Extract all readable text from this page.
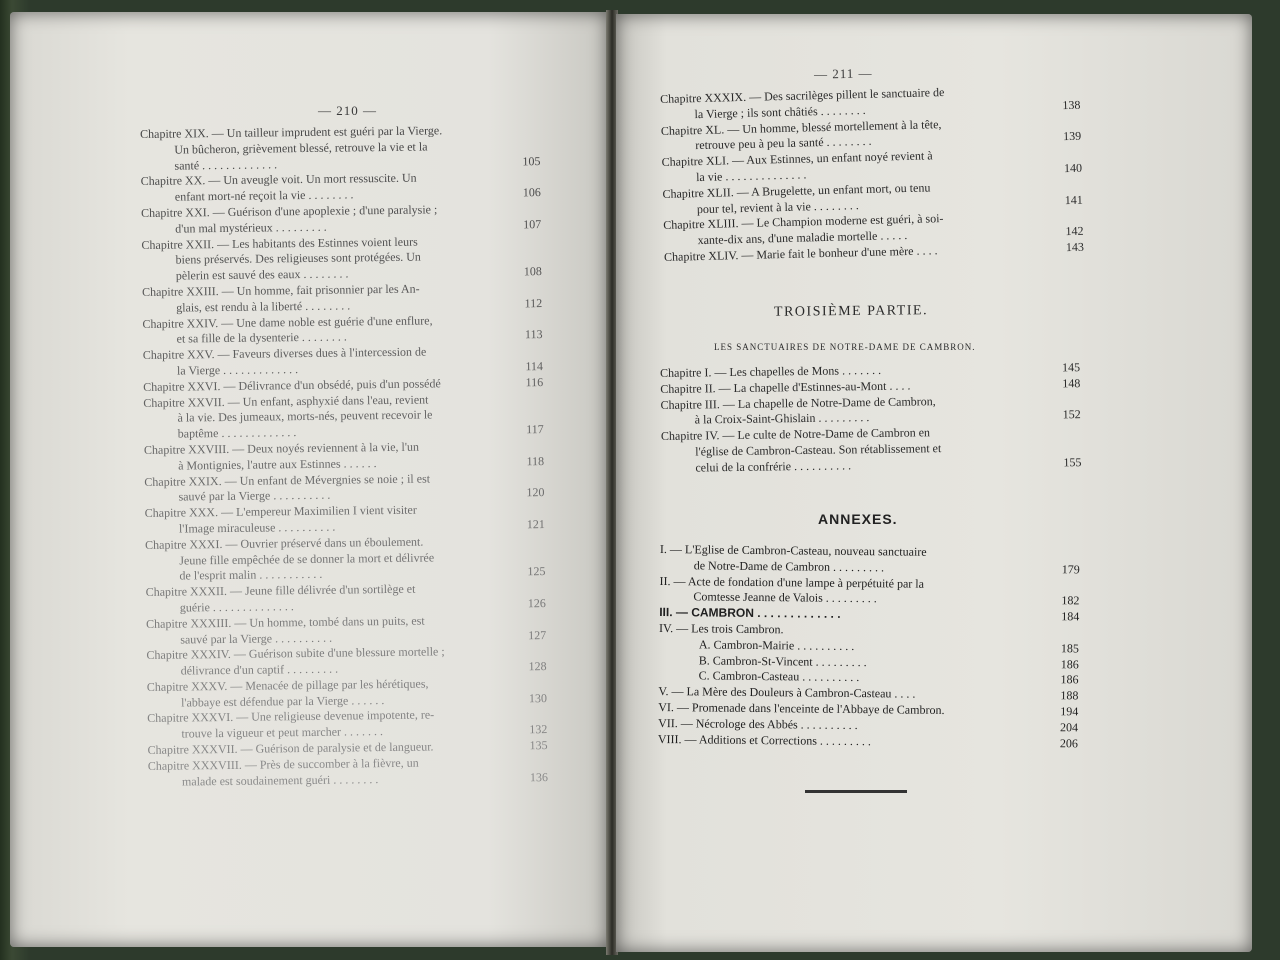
— 210 —
— 211 —
Chapitre XIX. — Un tailleur imprudent est guéri par la Vierge.
Un bûcheron, grièvement blessé, retrouve la vie et la
santé . . . . . . . . . . . . .	105
Chapitre XX. — Un aveugle voit. Un mort ressuscite. Un
enfant mort-né reçoit la vie . . . . . . . .	106
Chapitre XXI. — Guérison d'une apoplexie ; d'une paralysie ;
d'un mal mystérieux . . . . . . . . .	107
Chapitre XXII. — Les habitants des Estinnes voient leurs
biens préservés. Des religieuses sont protégées. Un
pèlerin est sauvé des eaux . . . . . . . .	108
Chapitre XXIII. — Un homme, fait prisonnier par les An-
glais, est rendu à la liberté . . . . . . . .	112
Chapitre XXIV. — Une dame noble est guérie d'une enflure,
et sa fille de la dysenterie . . . . . . . .	113
Chapitre XXV. — Faveurs diverses dues à l'intercession de
la Vierge . . . . . . . . . . . . .	114
Chapitre XXVI. — Délivrance d'un obsédé, puis d'un possédé	116
Chapitre XXVII. — Un enfant, asphyxié dans l'eau, revient
à la vie. Des jumeaux, morts-nés, peuvent recevoir le
baptême . . . . . . . . . . . . .	117
Chapitre XXVIII. — Deux noyés reviennent à la vie, l'un
à Montignies, l'autre aux Estinnes . . . . . .	118
Chapitre XXIX. — Un enfant de Mévergnies se noie ; il est
sauvé par la Vierge . . . . . . . . . .	120
Chapitre XXX. — L'empereur Maximilien I vient visiter
l'Image miraculeuse . . . . . . . . . .	121
Chapitre XXXI. — Ouvrier préservé dans un éboulement.
Jeune fille empêchée de se donner la mort et délivrée
de l'esprit malin . . . . . . . . . . .	125
Chapitre XXXII. — Jeune fille délivrée d'un sortilège et
guérie . . . . . . . . . . . . . .	126
Chapitre XXXIII. — Un homme, tombé dans un puits, est
sauvé par la Vierge . . . . . . . . . .	127
Chapitre XXXIV. — Guérison subite d'une blessure mortelle ;
délivrance d'un captif . . . . . . . . .	128
Chapitre XXXV. — Menacée de pillage par les hérétiques,
l'abbaye est défendue par la Vierge . . . . . .	130
Chapitre XXXVI. — Une religieuse devenue impotente, re-
trouve la vigueur et peut marcher . . . . . . .	132
Chapitre XXXVII. — Guérison de paralysie et de langueur.	135
Chapitre XXXVIII. — Près de succomber à la fièvre, un
malade est soudainement guéri . . . . . . . .	136
Chapitre XXXIX. — Des sacrilèges pillent le sanctuaire de
la Vierge ; ils sont châtiés . . . . . . . .	138
Chapitre XL. — Un homme, blessé mortellement à la tête,
retrouve peu à peu la santé . . . . . . . .	139
Chapitre XLI. — Aux Estinnes, un enfant noyé revient à
la vie . . . . . . . . . . . . . .	140
Chapitre XLII. — A Brugelette, un enfant mort, ou tenu
pour tel, revient à la vie . . . . . . . .	141
Chapitre XLIII. — Le Champion moderne est guéri, à soi-
xante-dix ans, d'une maladie mortelle . . . . .	142
Chapitre XLIV. — Marie fait le bonheur d'une mère . . . .	143
TROISIÈME PARTIE.
LES SANCTUAIRES DE NOTRE-DAME DE CAMBRON.
Chapitre I. — Les chapelles de Mons . . . . . . .	145
Chapitre II. — La chapelle d'Estinnes-au-Mont . . . .	148
Chapitre III. — La chapelle de Notre-Dame de Cambron,
à la Croix-Saint-Ghislain . . . . . . . . .	152
Chapitre IV. — Le culte de Notre-Dame de Cambron en
l'église de Cambron-Casteau. Son rétablissement et
celui de la confrérie . . . . . . . . . .	155
ANNEXES.
I. — L'Eglise de Cambron-Casteau, nouveau sanctuaire
de Notre-Dame de Cambron . . . . . . . . .	179
II. — Acte de fondation d'une lampe à perpétuité par la
Comtesse Jeanne de Valois . . . . . . . . .	182
III. — CAMBRON . . . . . . . . . . . . .	184
IV. — Les trois Cambron.
A. Cambron-Mairie . . . . . . . . . .	185
B. Cambron-St-Vincent . . . . . . . . .	186
C. Cambron-Casteau . . . . . . . . . .	186
V. — La Mère des Douleurs à Cambron-Casteau . . . .	188
VI. — Promenade dans l'enceinte de l'Abbaye de Cambron.	194
VII. — Nécrologe des Abbés . . . . . . . . . .	204
VIII. — Additions et Corrections . . . . . . . . .	206
